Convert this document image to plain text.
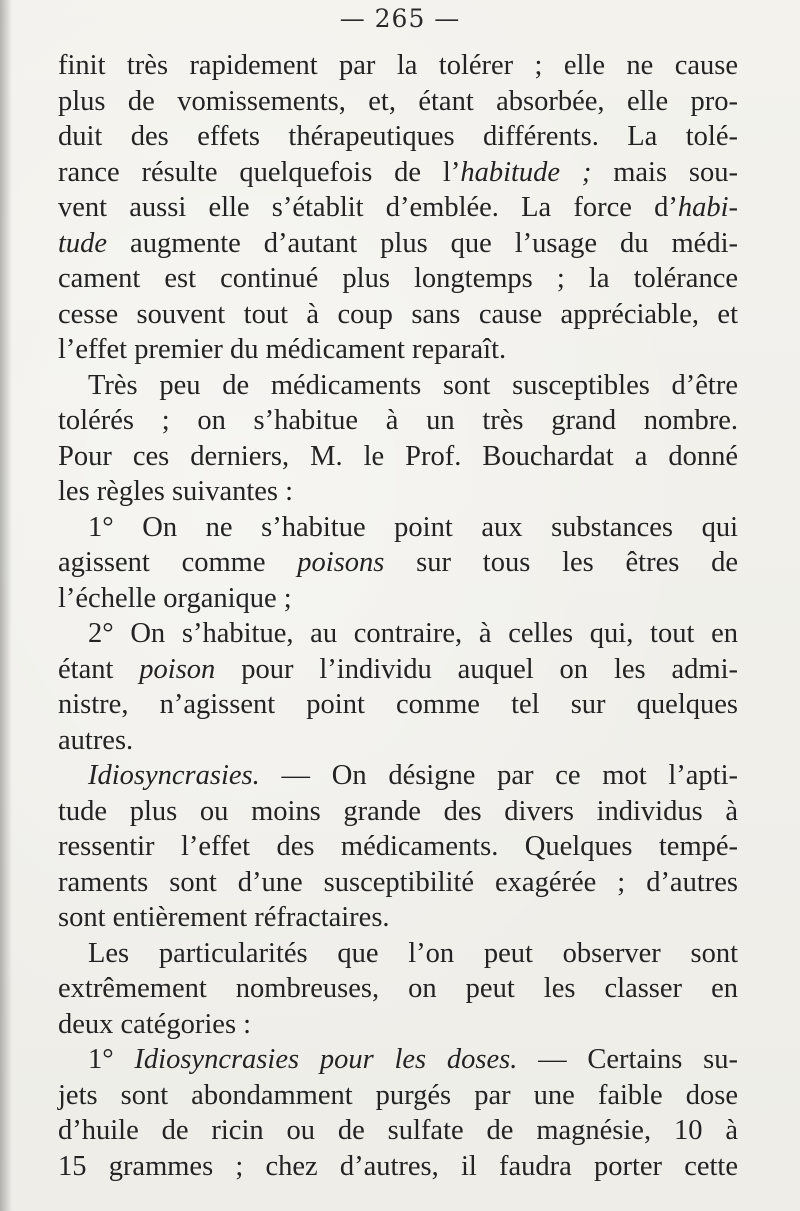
— 265 —
finit très rapidement par la tolérer ; elle ne cause
plus de vomissements, et, étant absorbée, elle pro-
duit des effets thérapeutiques différents. La tolé-
rance résulte quelquefois de l’habitude ; mais sou-
vent aussi elle s’établit d’emblée. La force d’habi-
tude augmente d’autant plus que l’usage du médi-
cament est continué plus longtemps ; la tolérance
cesse souvent tout à coup sans cause appréciable, et
l’effet premier du médicament reparaît.
Très peu de médicaments sont susceptibles d’être
tolérés ; on s’habitue à un très grand nombre.
Pour ces derniers, M. le Prof. Bouchardat a donné
les règles suivantes :
1° On ne s’habitue point aux substances qui
agissent comme poisons sur tous les êtres de
l’échelle organique ;
2° On s’habitue, au contraire, à celles qui, tout en
étant poison pour l’individu auquel on les admi-
nistre, n’agissent point comme tel sur quelques
autres.
Idiosyncrasies. — On désigne par ce mot l’apti-
tude plus ou moins grande des divers individus à
ressentir l’effet des médicaments. Quelques tempé-
raments sont d’une susceptibilité exagérée ; d’autres
sont entièrement réfractaires.
Les particularités que l’on peut observer sont
extrêmement nombreuses, on peut les classer en
deux catégories :
1° Idiosyncrasies pour les doses. — Certains su-
jets sont abondamment purgés par une faible dose
d’huile de ricin ou de sulfate de magnésie, 10 à
15 grammes ; chez d’autres, il faudra porter cette
